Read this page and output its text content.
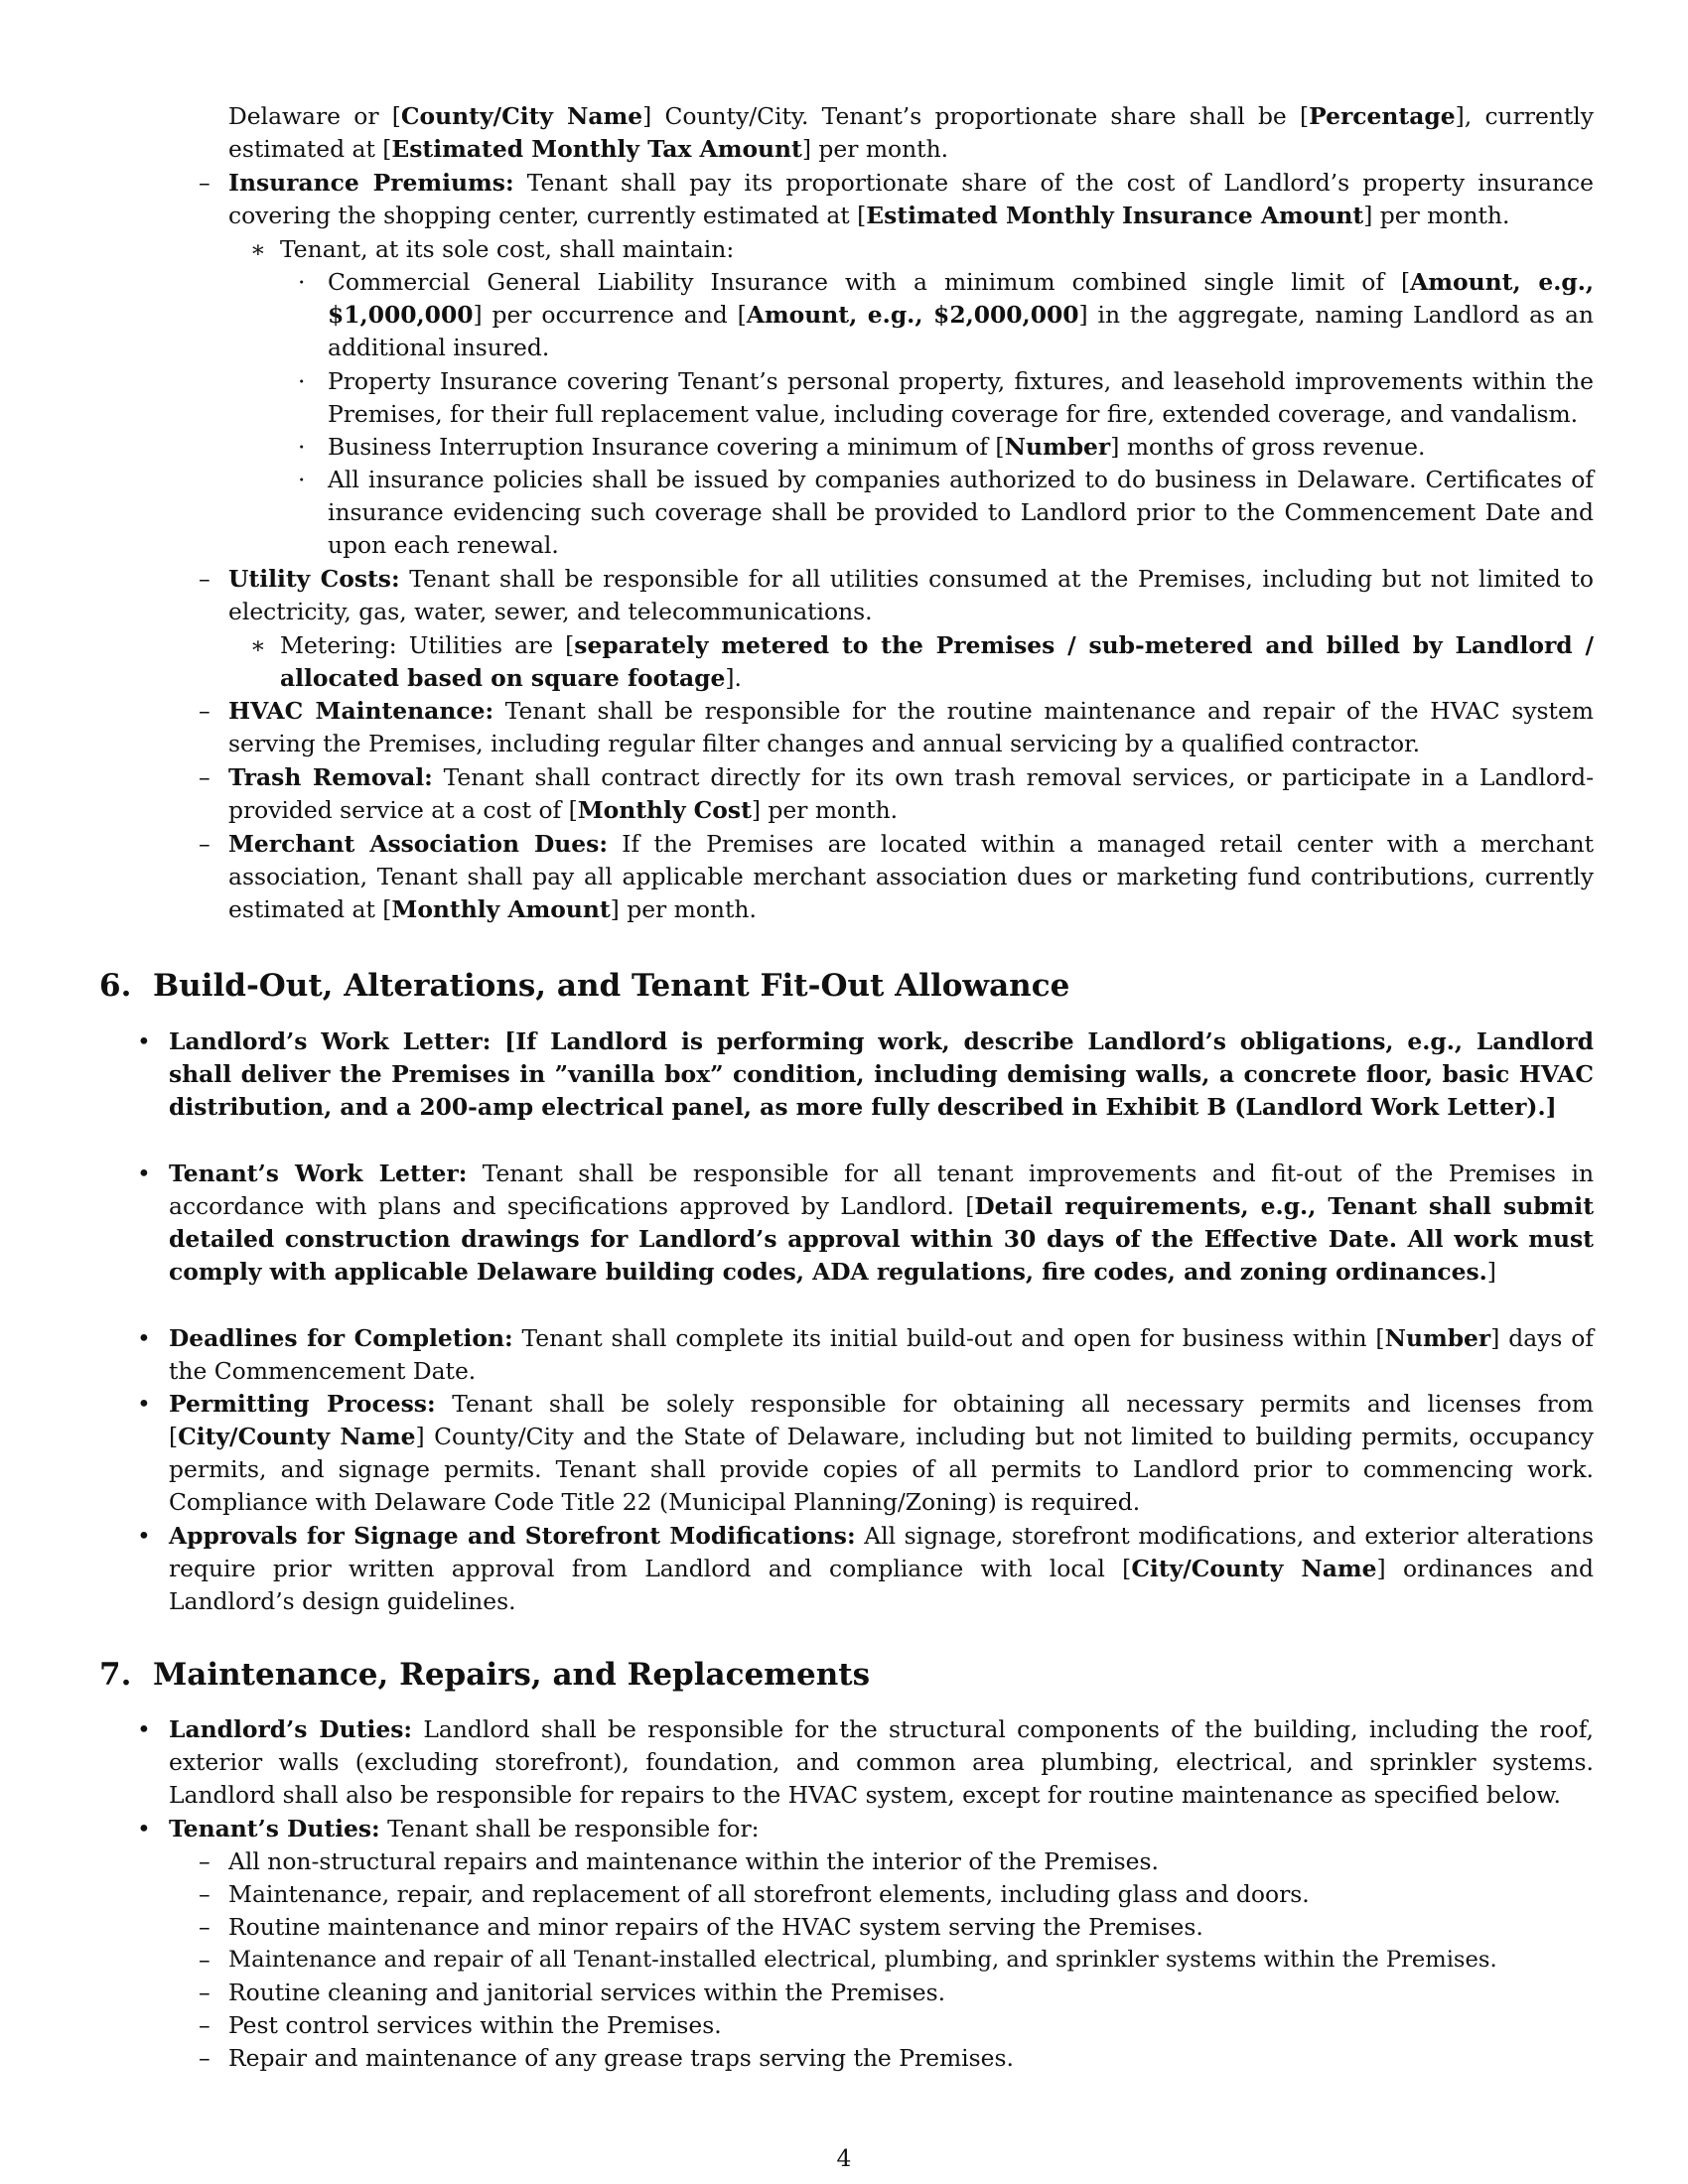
Delaware or [County/City Name] County/City. Tenant’s proportionate share shall be [Percentage], currently estimated at [Estimated Monthly Tax Amount] per month.
– Insurance Premiums: Tenant shall pay its proportionate share of the cost of Landlord’s property insurance covering the shopping center, currently estimated at [Estimated Monthly Insurance Amount] per month.
∗ Tenant, at its sole cost, shall maintain:
· Commercial General Liability Insurance with a minimum combined single limit of [Amount, e.g., $1,000,000] per occurrence and [Amount, e.g., $2,000,000] in the aggregate, naming Landlord as an additional insured.
· Property Insurance covering Tenant’s personal property, fixtures, and leasehold improvements within the Premises, for their full replacement value, including coverage for fire, extended coverage, and vandalism.
· Business Interruption Insurance covering a minimum of [Number] months of gross revenue.
· All insurance policies shall be issued by companies authorized to do business in Delaware. Certificates of insurance evidencing such coverage shall be provided to Landlord prior to the Commencement Date and upon each renewal.
– Utility Costs: Tenant shall be responsible for all utilities consumed at the Premises, including but not limited to electricity, gas, water, sewer, and telecommunications.
∗ Metering: Utilities are [separately metered to the Premises / sub-metered and billed by Landlord / allocated based on square footage].
– HVAC Maintenance: Tenant shall be responsible for the routine maintenance and repair of the HVAC system serving the Premises, including regular filter changes and annual servicing by a qualified contractor.
– Trash Removal: Tenant shall contract directly for its own trash removal services, or participate in a Landlord-provided service at a cost of [Monthly Cost] per month.
– Merchant Association Dues: If the Premises are located within a managed retail center with a merchant association, Tenant shall pay all applicable merchant association dues or marketing fund contributions, currently estimated at [Monthly Amount] per month.
6. Build-Out, Alterations, and Tenant Fit-Out Allowance
• Landlord’s Work Letter: [If Landlord is performing work, describe Landlord’s obligations, e.g., Landlord shall deliver the Premises in ”vanilla box” condition, including demising walls, a concrete floor, basic HVAC distribution, and a 200-amp electrical panel, as more fully described in Exhibit B (Landlord Work Letter).]
• Tenant’s Work Letter: Tenant shall be responsible for all tenant improvements and fit-out of the Premises in accordance with plans and specifications approved by Landlord. [Detail requirements, e.g., Tenant shall submit detailed construction drawings for Landlord’s approval within 30 days of the Effective Date. All work must comply with applicable Delaware building codes, ADA regulations, fire codes, and zoning ordinances.]
• Deadlines for Completion: Tenant shall complete its initial build-out and open for business within [Number] days of the Commencement Date.
• Permitting Process: Tenant shall be solely responsible for obtaining all necessary permits and licenses from [City/County Name] County/City and the State of Delaware, including but not limited to building permits, occupancy permits, and signage permits. Tenant shall provide copies of all permits to Landlord prior to commencing work. Compliance with Delaware Code Title 22 (Municipal Planning/Zoning) is required.
• Approvals for Signage and Storefront Modifications: All signage, storefront modifications, and exterior alterations require prior written approval from Landlord and compliance with local [City/County Name] ordinances and Landlord’s design guidelines.
7. Maintenance, Repairs, and Replacements
• Landlord’s Duties: Landlord shall be responsible for the structural components of the building, including the roof, exterior walls (excluding storefront), foundation, and common area plumbing, electrical, and sprinkler systems. Landlord shall also be responsible for repairs to the HVAC system, except for routine maintenance as specified below.
• Tenant’s Duties: Tenant shall be responsible for:
– All non-structural repairs and maintenance within the interior of the Premises.
– Maintenance, repair, and replacement of all storefront elements, including glass and doors.
– Routine maintenance and minor repairs of the HVAC system serving the Premises.
– Maintenance and repair of all Tenant-installed electrical, plumbing, and sprinkler systems within the Premises.
– Routine cleaning and janitorial services within the Premises.
– Pest control services within the Premises.
– Repair and maintenance of any grease traps serving the Premises.
4
